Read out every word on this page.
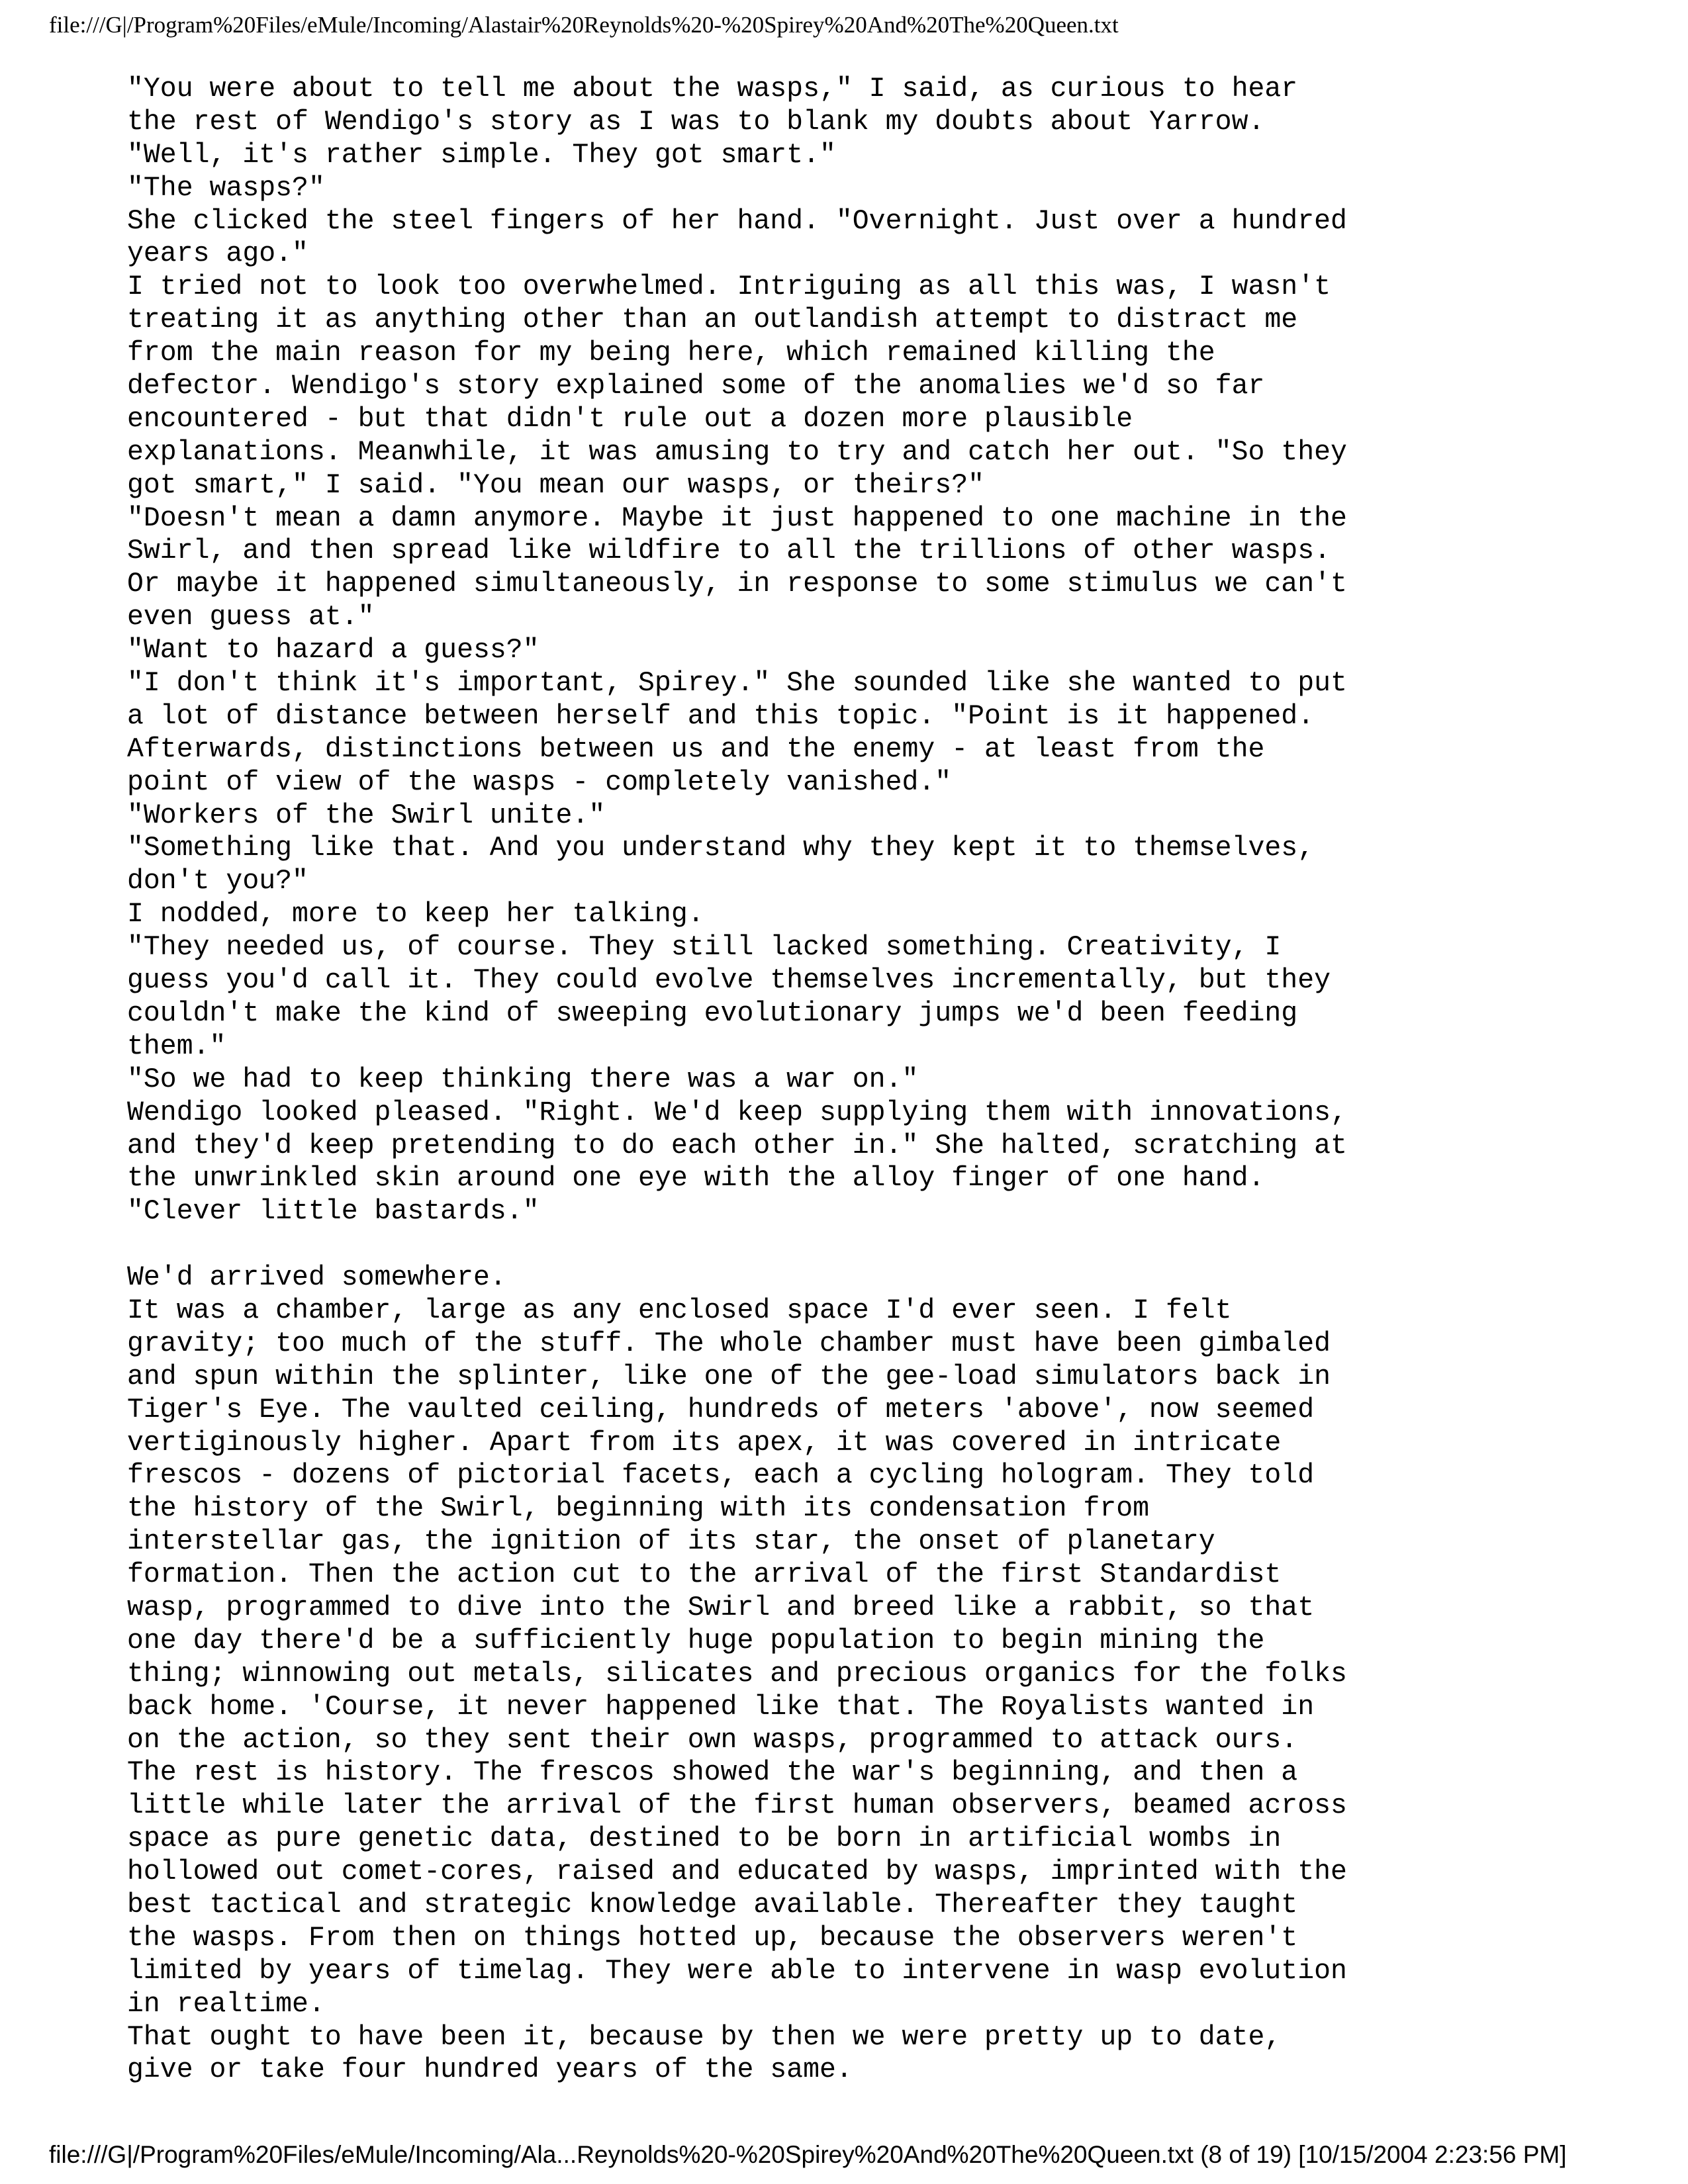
file:///G|/Program%20Files/eMule/Incoming/Alastair%20Reynolds%20-%20Spirey%20And%20The%20Queen.txt
"You were about to tell me about the wasps," I said, as curious to hear
the rest of Wendigo's story as I was to blank my doubts about Yarrow.
"Well, it's rather simple. They got smart."
"The wasps?"
She clicked the steel fingers of her hand. "Overnight. Just over a hundred
years ago."
I tried not to look too overwhelmed. Intriguing as all this was, I wasn't
treating it as anything other than an outlandish attempt to distract me
from the main reason for my being here, which remained killing the
defector. Wendigo's story explained some of the anomalies we'd so far
encountered - but that didn't rule out a dozen more plausible
explanations. Meanwhile, it was amusing to try and catch her out. "So they
got smart," I said. "You mean our wasps, or theirs?"
"Doesn't mean a damn anymore. Maybe it just happened to one machine in the
Swirl, and then spread like wildfire to all the trillions of other wasps.
Or maybe it happened simultaneously, in response to some stimulus we can't
even guess at."
"Want to hazard a guess?"
"I don't think it's important, Spirey." She sounded like she wanted to put
a lot of distance between herself and this topic. "Point is it happened.
Afterwards, distinctions between us and the enemy - at least from the
point of view of the wasps - completely vanished."
"Workers of the Swirl unite."
"Something like that. And you understand why they kept it to themselves,
don't you?"
I nodded, more to keep her talking.
"They needed us, of course. They still lacked something. Creativity, I
guess you'd call it. They could evolve themselves incrementally, but they
couldn't make the kind of sweeping evolutionary jumps we'd been feeding
them."
"So we had to keep thinking there was a war on."
Wendigo looked pleased. "Right. We'd keep supplying them with innovations,
and they'd keep pretending to do each other in." She halted, scratching at
the unwrinkled skin around one eye with the alloy finger of one hand.
"Clever little bastards."
We'd arrived somewhere.
It was a chamber, large as any enclosed space I'd ever seen. I felt
gravity; too much of the stuff. The whole chamber must have been gimbaled
and spun within the splinter, like one of the gee-load simulators back in
Tiger's Eye. The vaulted ceiling, hundreds of meters 'above', now seemed
vertiginously higher. Apart from its apex, it was covered in intricate
frescos - dozens of pictorial facets, each a cycling hologram. They told
the history of the Swirl, beginning with its condensation from
interstellar gas, the ignition of its star, the onset of planetary
formation. Then the action cut to the arrival of the first Standardist
wasp, programmed to dive into the Swirl and breed like a rabbit, so that
one day there'd be a sufficiently huge population to begin mining the
thing; winnowing out metals, silicates and precious organics for the folks
back home. 'Course, it never happened like that. The Royalists wanted in
on the action, so they sent their own wasps, programmed to attack ours.
The rest is history. The frescos showed the war's beginning, and then a
little while later the arrival of the first human observers, beamed across
space as pure genetic data, destined to be born in artificial wombs in
hollowed out comet-cores, raised and educated by wasps, imprinted with the
best tactical and strategic knowledge available. Thereafter they taught
the wasps. From then on things hotted up, because the observers weren't
limited by years of timelag. They were able to intervene in wasp evolution
in realtime.
That ought to have been it, because by then we were pretty up to date,
give or take four hundred years of the same.
file:///G|/Program%20Files/eMule/Incoming/Ala...Reynolds%20-%20Spirey%20And%20The%20Queen.txt (8 of 19) [10/15/2004 2:23:56 PM]
